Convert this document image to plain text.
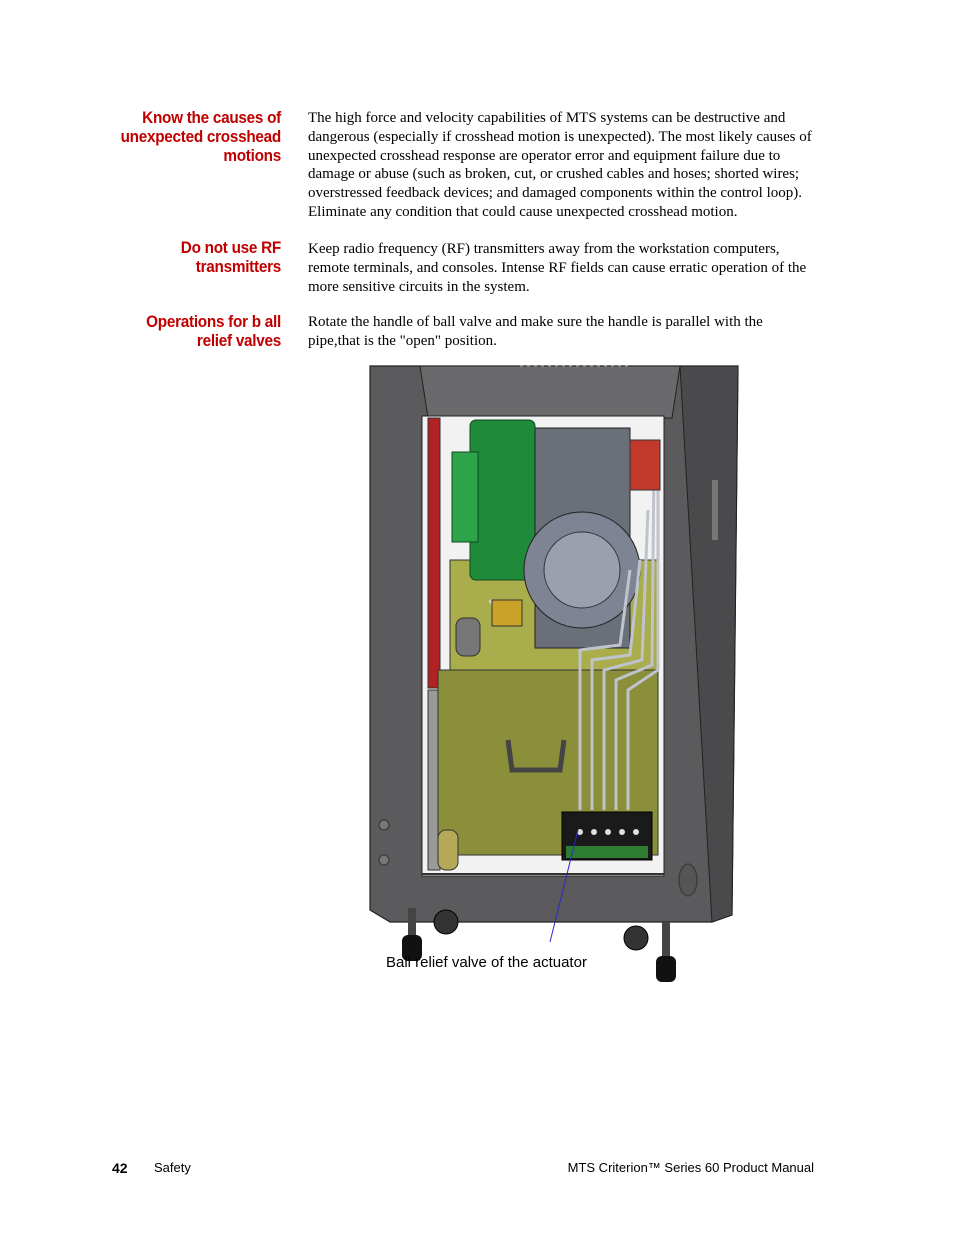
Know the causes of unexpected crosshead motions
The high force and velocity capabilities of MTS systems can be destructive and dangerous (especially if crosshead motion is unexpected). The most likely causes of unexpected crosshead response are operator error and equipment failure due to damage or abuse (such as broken, cut, or crushed cables and hoses; shorted wires; overstressed feedback devices; and damaged components within the control loop). Eliminate any condition that could cause unexpected crosshead motion.
Do not use RF transmitters
Keep radio frequency (RF) transmitters away from the workstation computers, remote terminals, and consoles. Intense RF fields can cause erratic operation of the more sensitive circuits in the system.
Operations for b all relief valves
Rotate the handle of ball valve and make sure the handle is parallel with the pipe,that is the "open" position.
Ball relief valve of the actuator
42 Safety	MTS Criterion™ Series 60 Product Manual
